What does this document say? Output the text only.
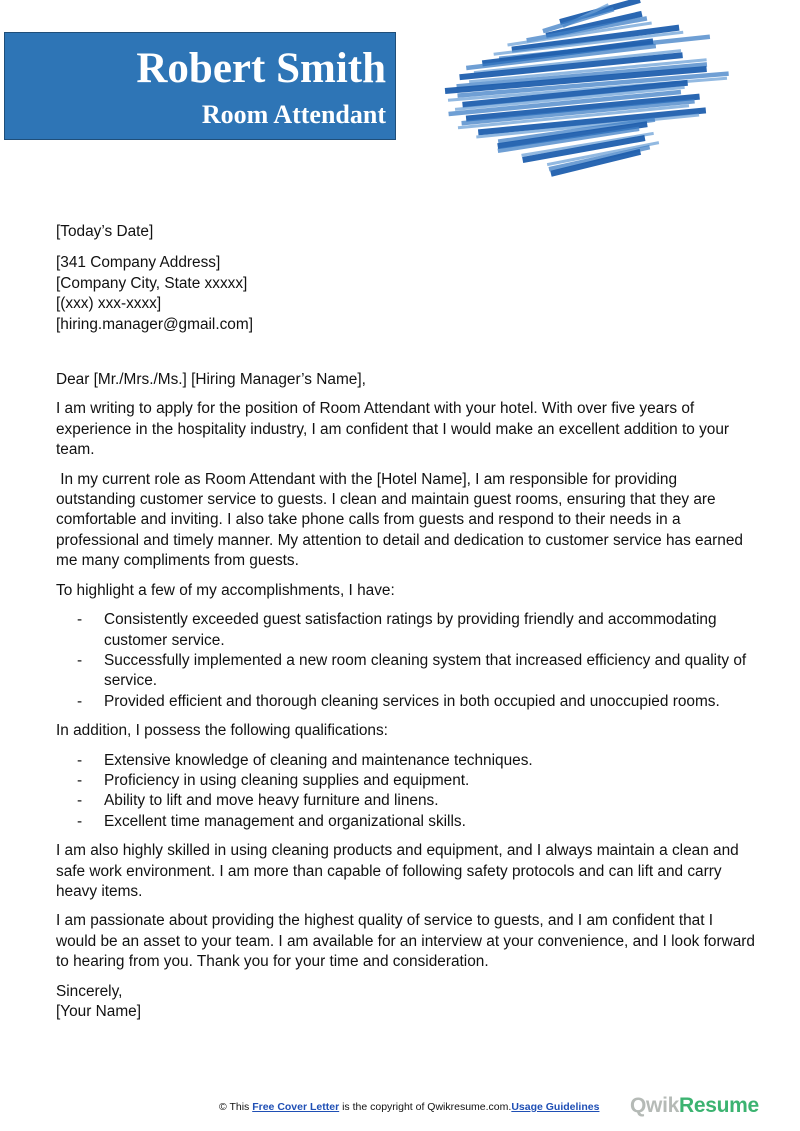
Robert Smith
Room Attendant

[Today’s Date]

[341 Company Address]

[Company City, State xxxxx]

[(xxx) xxx-xxxx]

[hiring.manager@gmail.com]

Dear [Mr./Mrs./Ms.] [Hiring Manager’s Name],

I am writing to apply for the position of Room Attendant with your hotel. With over five years of experience in the hospitality industry, I am confident that I would make an excellent addition to your team.

In my current role as Room Attendant with the [Hotel Name], I am responsible for providing outstanding customer service to guests. I clean and maintain guest rooms, ensuring that they are comfortable and inviting. I also take phone calls from guests and respond to their needs in a professional and timely manner. My attention to detail and dedication to customer service has earned me many compliments from guests.

To highlight a few of my accomplishments, I have:

- Consistently exceeded guest satisfaction ratings by providing friendly and accommodating customer service.
- Successfully implemented a new room cleaning system that increased efficiency and quality of service.
- Provided efficient and thorough cleaning services in both occupied and unoccupied rooms.

In addition, I possess the following qualifications:

- Extensive knowledge of cleaning and maintenance techniques.
- Proficiency in using cleaning supplies and equipment.
- Ability to lift and move heavy furniture and linens.
- Excellent time management and organizational skills.

I am also highly skilled in using cleaning products and equipment, and I always maintain a clean and safe work environment. I am more than capable of following safety protocols and can lift and carry heavy items.

I am passionate about providing the highest quality of service to guests, and I am confident that I would be an asset to your team. I am available for an interview at your convenience, and I look forward to hearing from you. Thank you for your time and consideration.

Sincerely,

[Your Name]

© This Free Cover Letter is the copyright of Qwikresume.com.Usage Guidelines QwikResume
